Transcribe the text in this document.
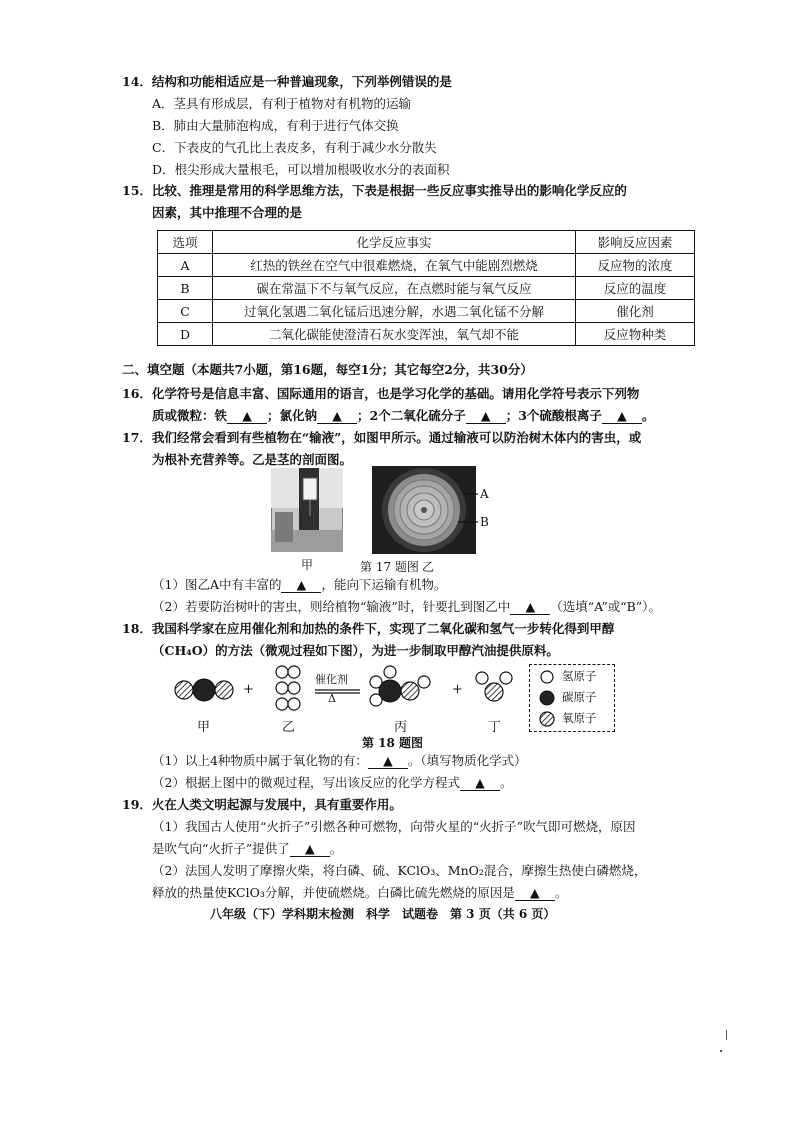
14．结构和功能相适应是一种普遍现象，下列举例错误的是
A．茎具有形成层，有利于植物对有机物的运输
B．肺由大量肺泡构成，有利于进行气体交换
C．下表皮的气孔比上表皮多，有利于减少水分散失
D．根尖形成大量根毛，可以增加根吸收水分的表面积
15．比较、推理是常用的科学思维方法，下表是根据一些反应事实推导出的影响化学反应的
因素，其中推理不合理的是
选项	化学反应事实	影响反应因素
A	红热的铁丝在空气中很难燃烧，在氧气中能剧烈燃烧	反应物的浓度
B	碳在常温下不与氧气反应，在点燃时能与氧气反应	反应的温度
C	过氧化氢遇二氧化锰后迅速分解，水遇二氧化锰不分解	催化剂
D	二氧化碳能使澄清石灰水变浑浊，氧气却不能	反应物种类
二、填空题（本题共7小题，第16题，每空1分；其它每空2分，共30分）
16．化学符号是信息丰富、国际通用的语言，也是学习化学的基础。请用化学符号表示下列物
质或微粒：铁 ▲ ；氯化钠 ▲ ；2个二氧化硫分子 ▲ ；3个硫酸根离子 ▲ 。
17．我们经常会看到有些植物在“输液”，如图甲所示。通过输液可以防治树木体内的害虫，或
为根补充营养等。乙是茎的剖面图。
甲
A
B
第 17 题图 乙
（1）图乙A中有丰富的 ▲ ，能向下运输有机物。
（2）若要防治树叶的害虫，则给植物“输液”时，针要扎到图乙中 ▲ （选填“A”或“B”）。
18．我国科学家在应用催化剂和加热的条件下，实现了二氧化碳和氢气一步转化得到甲醇
（CH₄O）的方法（微观过程如下图），为进一步制取甲醇汽油提供原料。
+	+
催化剂
Δ
甲	乙	丙	丁
氢原子
碳原子
氧原子
第 18 题图
（1）以上4种物质中属于氧化物的有： ▲ 。（填写物质化学式）
（2）根据上图中的微观过程，写出该反应的化学方程式 ▲ 。
19．火在人类文明起源与发展中，具有重要作用。
（1）我国古人使用“火折子”引燃各种可燃物，向带火星的“火折子”吹气即可燃烧，原因
是吹气向“火折子”提供了 ▲ 。
（2）法国人发明了摩擦火柴，将白磷、硫、KClO₃、MnO₂混合，摩擦生热使白磷燃烧，
释放的热量使KClO₃分解，并使硫燃烧。白磷比硫先燃烧的原因是 ▲ 。
八年级（下）学科期末检测　科学　试题卷　第 3 页（共 6 页）
